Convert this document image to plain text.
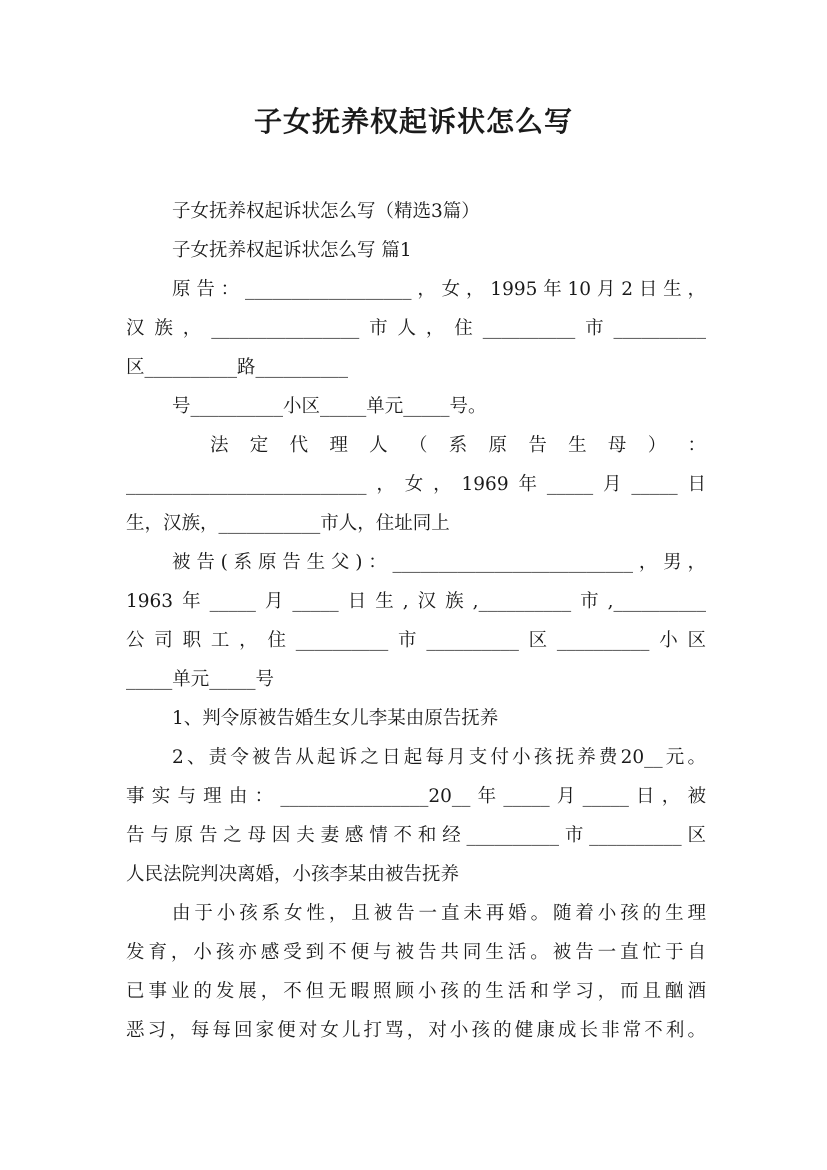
子女抚养权起诉状怎么写
子女抚养权起诉状怎么写（精选3篇）
子女抚养权起诉状怎么写 篇1
原告：__________________，女，1995年10月2日生，
汉族，________________市人，住__________市__________
区__________路__________
号__________小区_____单元_____号。
法 定 代 理 人 （ 系 原 告 生 母 ） ：
__________________________，女，1969年_____月_____日
生，汉族，___________市人，住址同上
被告(系原告生父)：__________________________，男，
1963年_____月_____日生,汉族,__________市,__________
公司职工，住__________市__________区__________小区
_____单元_____号
1、判令原被告婚生女儿李某由原告抚养
2、责令被告从起诉之日起每月支付小孩抚养费20__元。
事实与理由：________________20__年_____月_____日，被
告与原告之母因夫妻感情不和经__________市__________区
人民法院判决离婚，小孩李某由被告抚养
由于小孩系女性，且被告一直未再婚。随着小孩的生理
发育，小孩亦感受到不便与被告共同生活。被告一直忙于自
已事业的发展，不但无暇照顾小孩的生活和学习，而且酗酒
恶习，每每回家便对女儿打骂，对小孩的健康成长非常不利。
